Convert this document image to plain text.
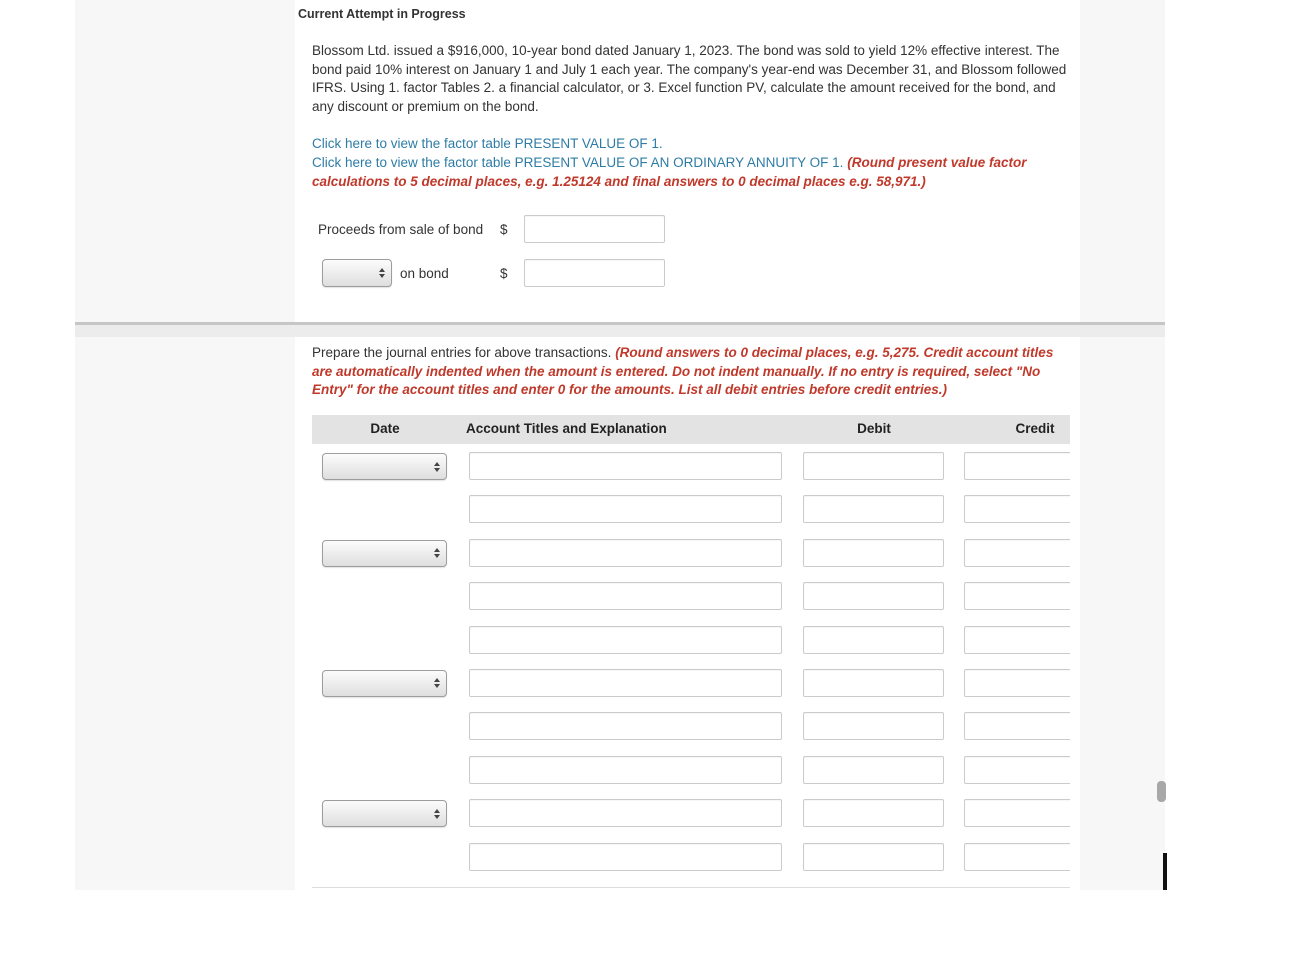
Current Attempt in Progress

Blossom Ltd. issued a $916,000, 10-year bond dated January 1, 2023. The bond was sold to yield 12% effective interest. The bond paid 10% interest on January 1 and July 1 each year. The company's year-end was December 31, and Blossom followed IFRS. Using 1. factor Tables 2. a financial calculator, or 3. Excel function PV, calculate the amount received for the bond, and any discount or premium on the bond.

Click here to view the factor table PRESENT VALUE OF 1.
Click here to view the factor table PRESENT VALUE OF AN ORDINARY ANNUITY OF 1. (Round present value factor calculations to 5 decimal places, e.g. 1.25124 and final answers to 0 decimal places e.g. 58,971.)

Proceeds from sale of bond $
on bond	$

Prepare the journal entries for above transactions. (Round answers to 0 decimal places, e.g. 5,275. Credit account titles are automatically indented when the amount is entered. Do not indent manually. If no entry is required, select "No Entry" for the account titles and enter 0 for the amounts. List all debit entries before credit entries.)

Date	Account Titles and Explanation	Debit	Credit
